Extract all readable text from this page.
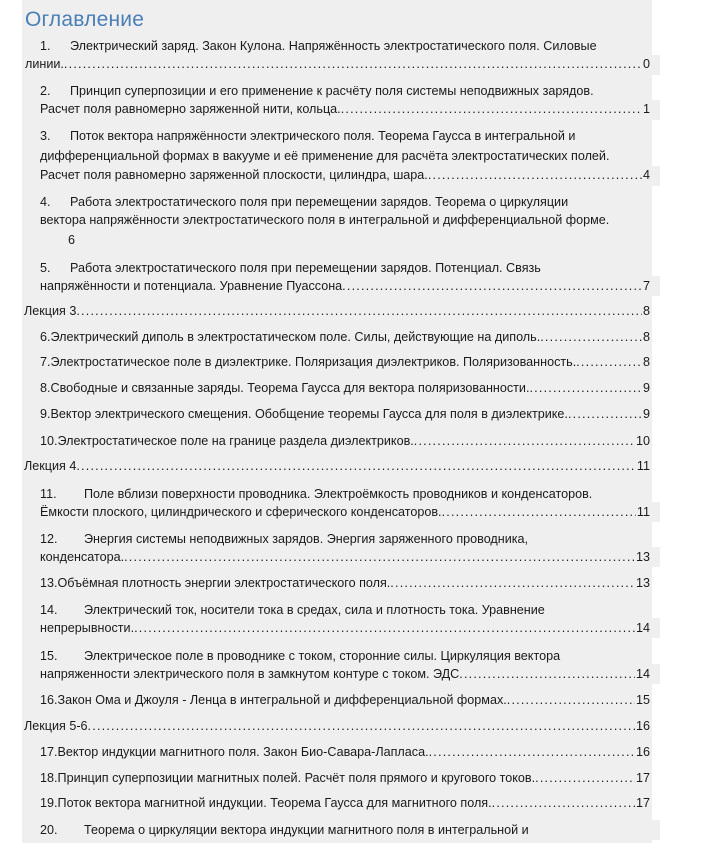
Оглавление
1. Электрический заряд. Закон Кулона. Напряжённость электростатического поля. Силовые
линии. .....	0
2. Принцип суперпозиции и его применение к расчёту поля системы неподвижных зарядов.
Расчет поля равномерно заряженной нити, кольца. .....	1
3. Поток вектора напряжённости электрического поля. Теорема Гаусса в интегральной и
дифференциальной формах в вакууме и её применение для расчёта электростатических полей.
Расчет поля равномерно заряженной плоскости, цилиндра, шара. .....	4
4. Работа электростатического поля при перемещении зарядов. Теорема о циркуляции
вектора напряжённости электростатического поля в интегральной и дифференциальной форме.
6
5. Работа электростатического поля при перемещении зарядов. Потенциал. Связь
напряжённости и потенциала. Уравнение Пуассона .....	7
Лекция 3 .....	8
6. Электрический диполь в электростатическом поле. Силы, действующие на диполь. .....	8
7. Электростатическое поле в диэлектрике. Поляризация диэлектриков. Поляризованность. .....	8
8. Свободные и связанные заряды. Теорема Гаусса для вектора поляризованности. .....	9
9. Вектор электрического смещения. Обобщение теоремы Гаусса для поля в диэлектрике. .....	9
10. Электростатическое поле на границе раздела диэлектриков. .....	10
Лекция 4 .....	11
11. Поле вблизи поверхности проводника. Электроёмкость проводников и конденсаторов.
Ёмкости плоского, цилиндрического и сферического конденсаторов. .....	11
12. Энергия системы неподвижных зарядов. Энергия заряженного проводника,
конденсатора. .....	13
13. Объёмная плотность энергии электростатического поля. .....	13
14. Электрический ток, носители тока в средах, сила и плотность тока. Уравнение
непрерывности. .....	14
15. Электрическое поле в проводнике с током, сторонние силы. Циркуляция вектора
напряженности электрического поля в замкнутом контуре с током. ЭДС .....	14
16. Закон Ома и Джоуля - Ленца в интегральной и дифференциальной формах. .....	15
Лекция 5-6 .....	16
17. Вектор индукции магнитного поля. Закон Био-Савара-Лапласа. .....	16
18. Принцип суперпозиции магнитных полей. Расчёт поля прямого и кругового токов. .....	17
19. Поток вектора магнитной индукции. Теорема Гаусса для магнитного поля. .....	17
20. Теорема о циркуляции вектора индукции магнитного поля в интегральной и
